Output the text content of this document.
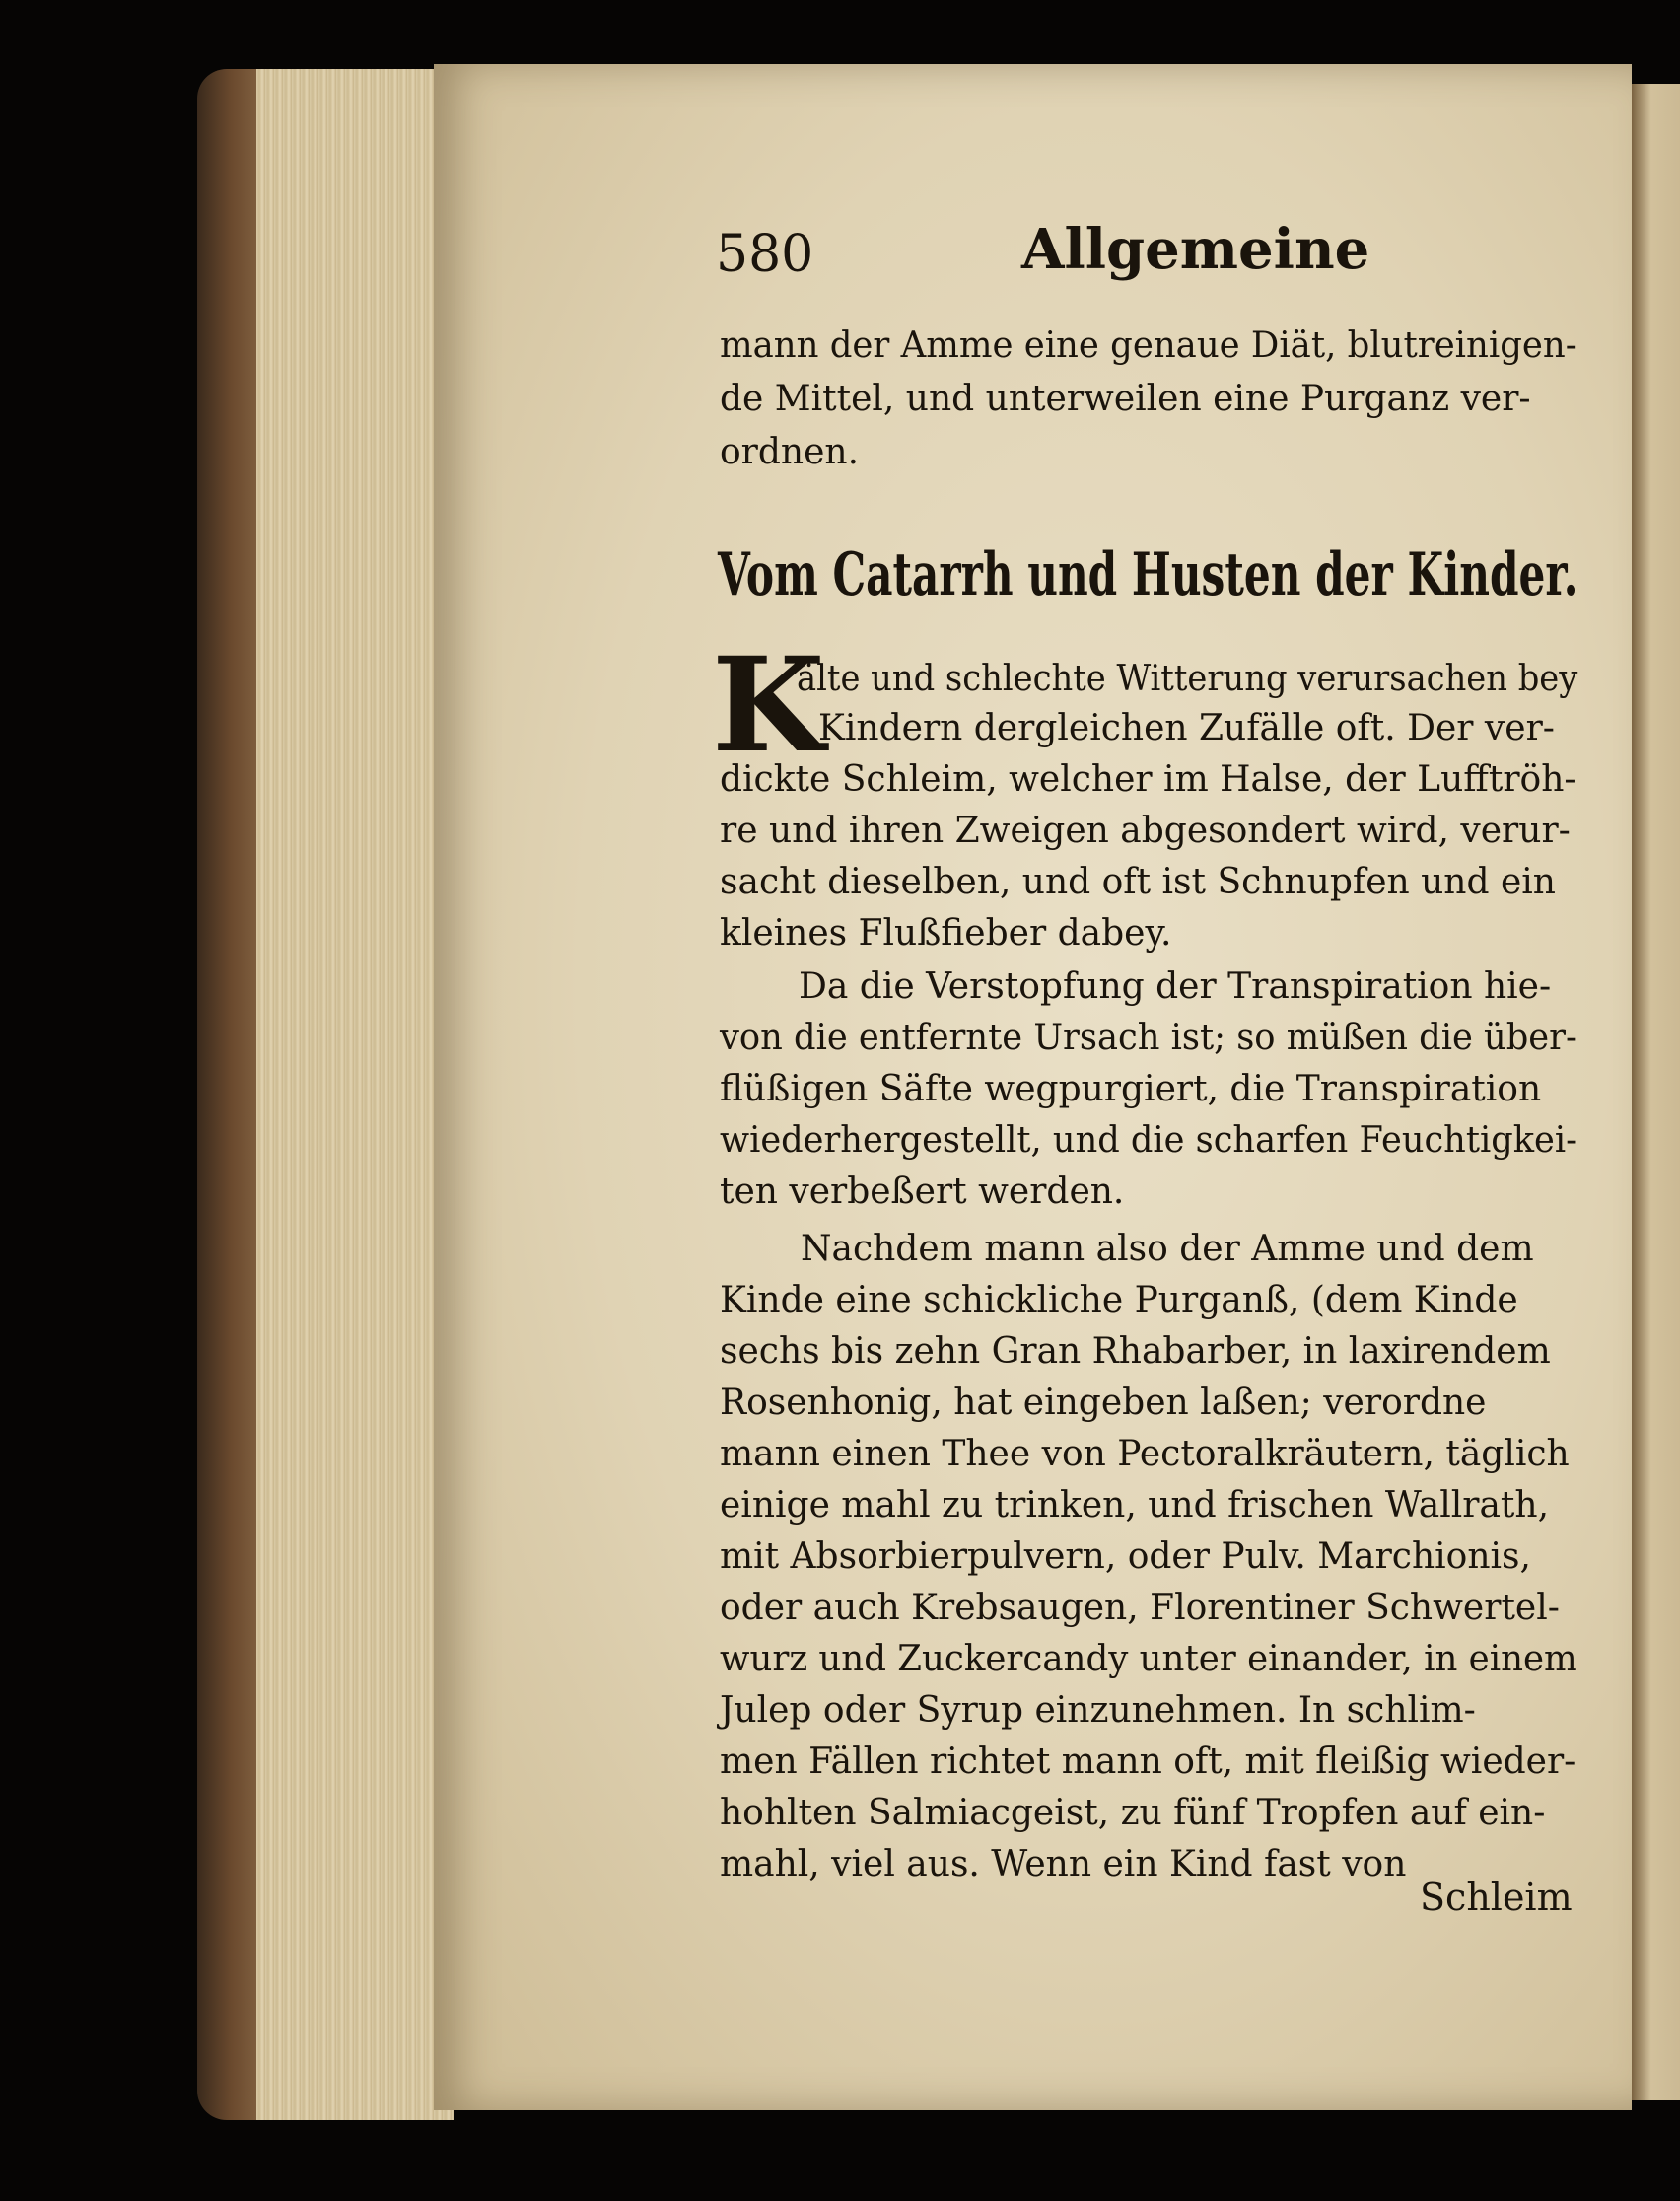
580	Allgemeine
mann der Amme eine genaue Diät, blutreinigen-
de Mittel, und unterweilen eine Purganz ver-
ordnen.
Vom Catarrh und Husten der Kinder.
K
älte und schlechte Witterung verursachen bey
Kindern dergleichen Zufälle oft. Der ver-
dickte Schleim, welcher im Halse, der Lufftröh-
re und ihren Zweigen abgesondert wird, verur-
sacht dieselben, und oft ist Schnupfen und ein
kleines Flußfieber dabey.
Da die Verstopfung der Transpiration hie-
von die entfernte Ursach ist; so müßen die über-
flüßigen Säfte wegpurgiert, die Transpiration
wiederhergestellt, und die scharfen Feuchtigkei-
ten verbeßert werden.
Nachdem mann also der Amme und dem
Kinde eine schickliche Purganß, (dem Kinde
sechs bis zehn Gran Rhabarber, in laxirendem
Rosenhonig, hat eingeben laßen; verordne
mann einen Thee von Pectoralkräutern, täglich
einige mahl zu trinken, und frischen Wallrath,
mit Absorbierpulvern, oder Pulv. Marchionis,
oder auch Krebsaugen, Florentiner Schwertel-
wurz und Zuckercandy unter einander, in einem
Julep oder Syrup einzunehmen. In schlim-
men Fällen richtet mann oft, mit fleißig wieder-
hohlten Salmiacgeist, zu fünf Tropfen auf ein-
mahl, viel aus. Wenn ein Kind fast von
Schleim
